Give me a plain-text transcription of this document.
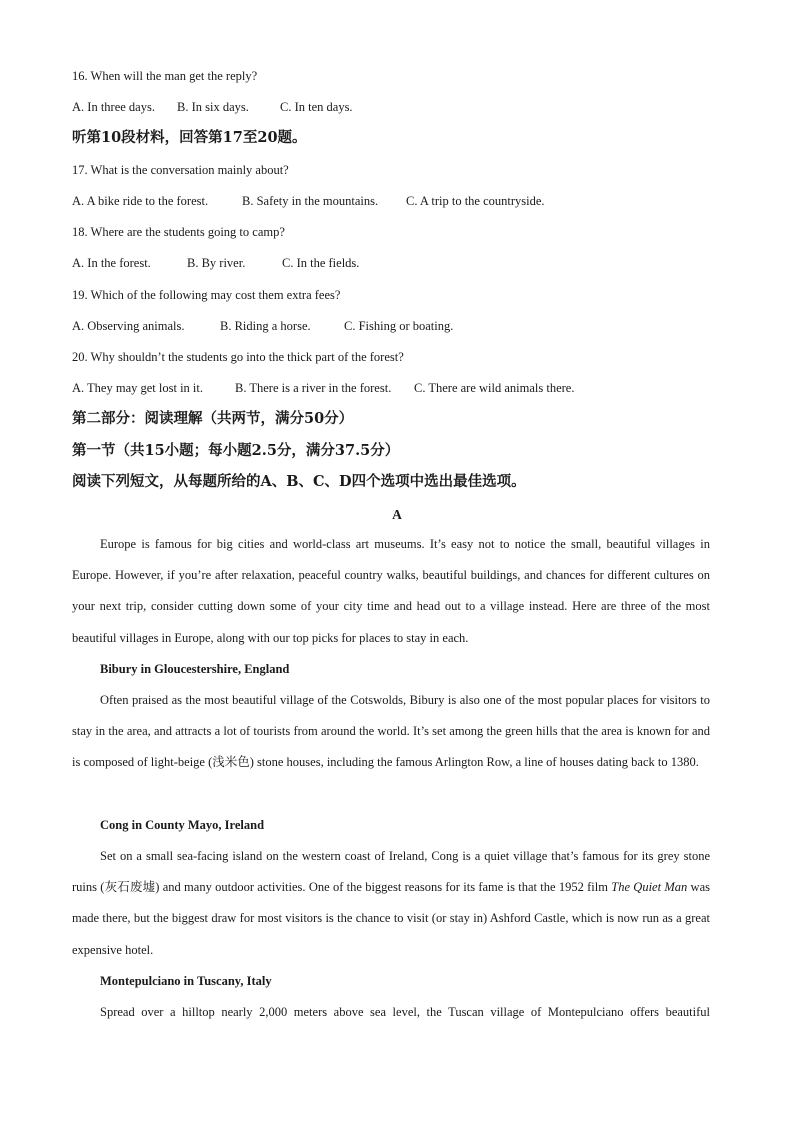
16. When will the man get the reply?
A. In three days. B. In six days. C. In ten days.
听第10段材料，回答第17至20题。
17. What is the conversation mainly about?
A. A bike ride to the forest.	B. Safety in the mountains. C. A trip to the countryside.
18. Where are the students going to camp?
A. In the forest.	B. By river.	C. In the fields.
19. Which of the following may cost them extra fees?
A. Observing animals.	B. Riding a horse.	C. Fishing or boating.
20. Why shouldn’t the students go into the thick part of the forest?
A. They may get lost in it.	B. There is a river in the forest. C. There are wild animals there.
第二部分：阅读理解（共两节，满分50分）
第一节（共15小题；每小题2.5分，满分37.5分）
阅读下列短文，从每题所给的A、B、C、D四个选项中选出最佳选项。
A

Europe is famous for big cities and world-class art museums. It’s easy not to notice the small, beautiful villages in Europe. However, if you’re after relaxation, peaceful country walks, beautiful buildings, and chances for different cultures on your next trip, consider cutting down some of your city time and head out to a village instead. Here are three of the most beautiful villages in Europe, along with our top picks for places to stay in each.

Bibury in Gloucestershire, England

Often praised as the most beautiful village of the Cotswolds, Bibury is also one of the most popular places for visitors to stay in the area, and attracts a lot of tourists from around the world. It’s set among the green hills that the area is known for and is composed of light-beige (浅米色) stone houses, including the famous Arlington Row, a line of houses dating back to 1380.

Cong in County Mayo, Ireland

Set on a small sea-facing island on the western coast of Ireland, Cong is a quiet village that’s famous for its grey stone ruins (灰石废墟) and many outdoor activities. One of the biggest reasons for its fame is that the 1952 film The Quiet Man was made there, but the biggest draw for most visitors is the chance to visit (or stay in) Ashford Castle, which is now run as a great expensive hotel.

Montepulciano in Tuscany, Italy

Spread over a hilltop nearly 2,000 meters above sea level, the Tuscan village of Montepulciano offers beautiful
